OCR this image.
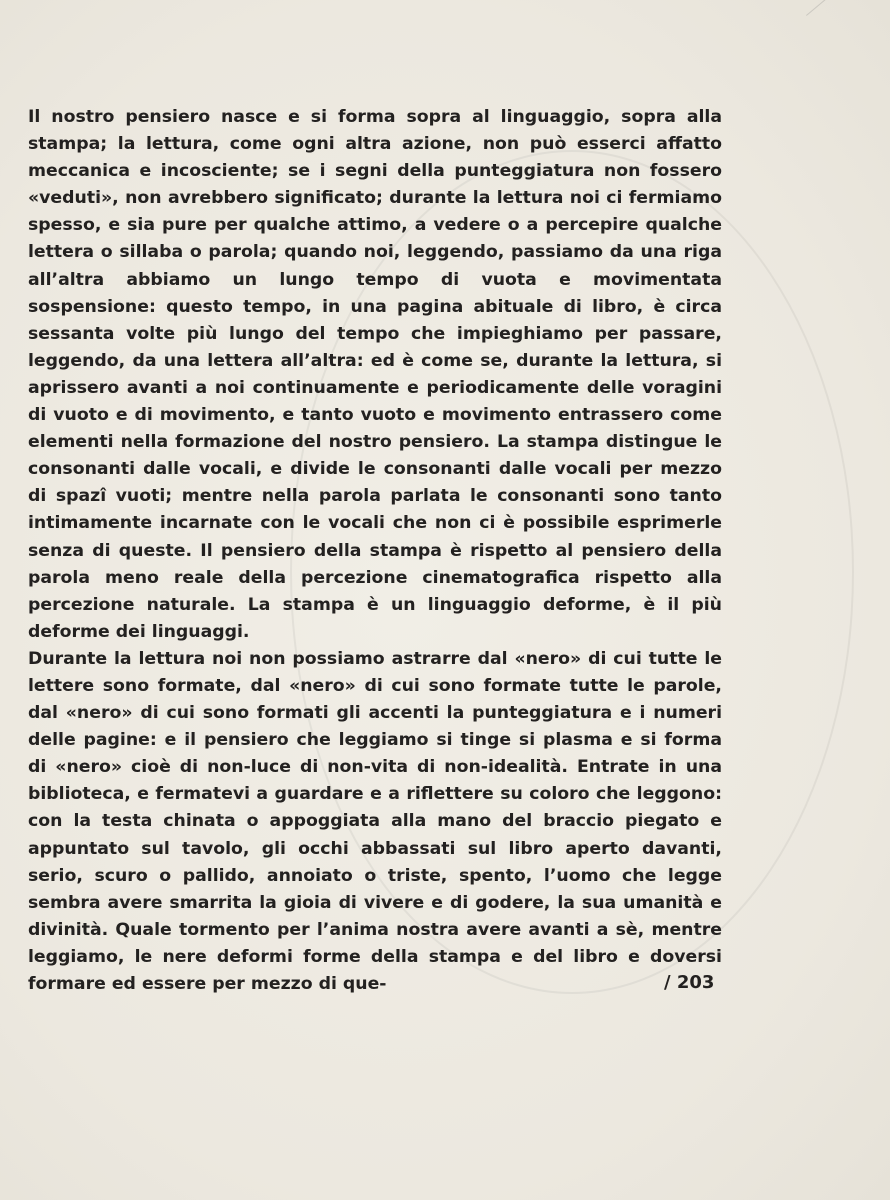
Il nostro pensiero nasce e si forma sopra al linguaggio, sopra alla stampa; la lettura, come ogni altra azione, non può esserci affatto meccanica e incosciente; se i segni della punteggiatura non fossero «veduti», non avrebbero significato; durante la lettura noi ci fermiamo spesso, e sia pure per qualche attimo, a vedere o a percepire qualche lettera o sillaba o parola; quando noi, leggendo, passiamo da una riga all’altra abbiamo un lungo tempo di vuota e movimentata sospensione: questo tempo, in una pagina abituale di libro, è circa sessanta volte più lungo del tempo che impieghiamo per passare, leggendo, da una lettera all’altra: ed è come se, durante la lettura, si aprissero avanti a noi continuamente e periodicamente delle voragini di vuoto e di movimento, e tanto vuoto e movimento entrassero come elementi nella formazione del nostro pensiero. La stampa distingue le consonanti dalle vocali, e divide le consonanti dalle vocali per mezzo di spazî vuoti; mentre nella parola parlata le consonanti sono tanto intimamente incarnate con le vocali che non ci è possibile esprimerle senza di queste. Il pensiero della stampa è rispetto al pensiero della parola meno reale della percezione cinematografica rispetto alla percezione naturale. La stampa è un linguaggio deforme, è il più deforme dei linguaggi.

Durante la lettura noi non possiamo astrarre dal «nero» di cui tutte le lettere sono formate, dal «nero» di cui sono formate tutte le parole, dal «nero» di cui sono formati gli accenti la punteggiatura e i numeri delle pagine: e il pensiero che leggiamo si tinge si plasma e si forma di «nero» cioè di non-luce di non-vita di non-idealità. Entrate in una biblioteca, e fermatevi a guardare e a riflettere su coloro che leggono: con la testa chinata o appoggiata alla mano del braccio piegato e appuntato sul tavolo, gli occhi abbassati sul libro aperto davanti, serio, scuro o pallido, annoiato o triste, spento, l’uomo che legge sembra avere smarrita la gioia di vivere e di godere, la sua umanità e divinità. Quale tormento per l’anima nostra avere avanti a sè, mentre leggiamo, le nere deformi forme della stampa e del libro e doversi formare ed essere per mezzo di que-	/ 203
